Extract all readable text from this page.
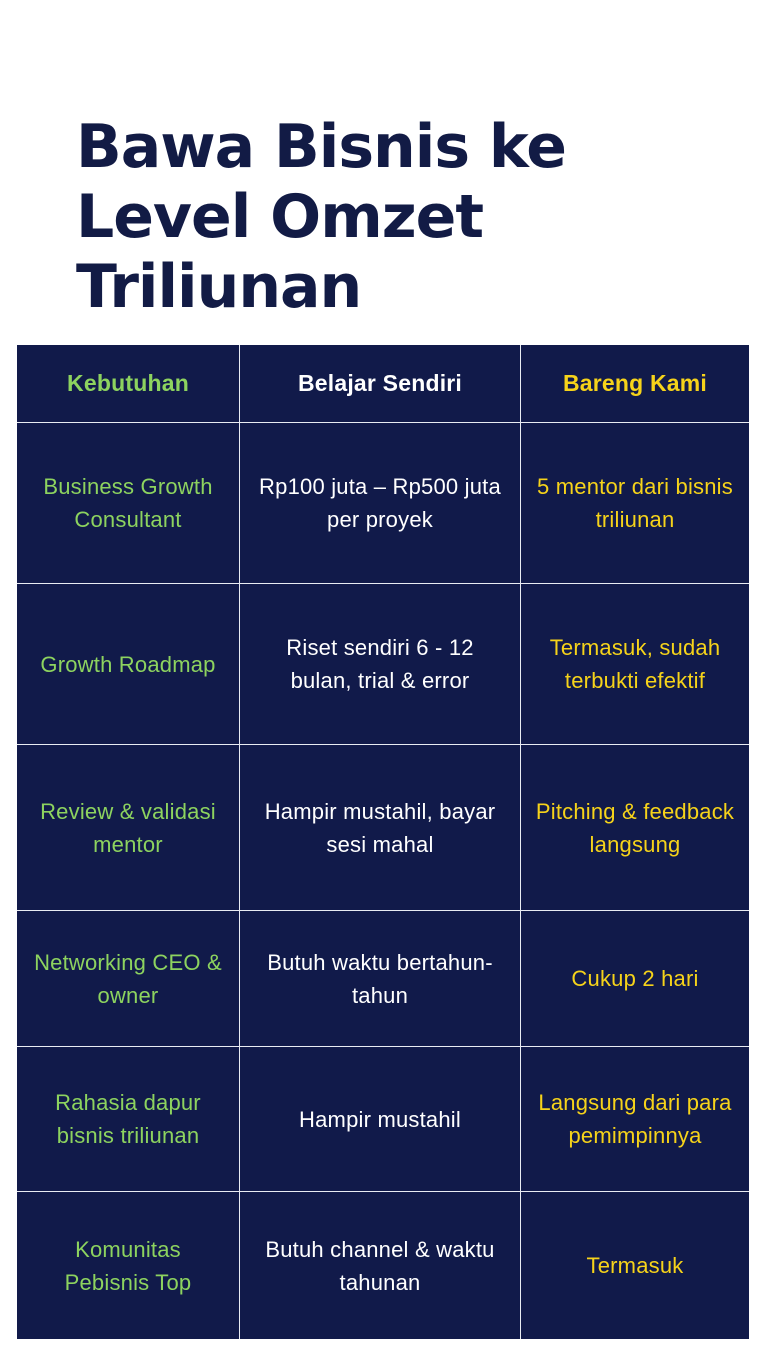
Bawa Bisnis ke
Level Omzet
Triliunan
Kebutuhan	Belajar Sendiri	Bareng Kami
Business Growth Consultant
Rp100 juta – Rp500 juta per proyek
5 mentor dari bisnis triliunan
Growth Roadmap
Riset sendiri 6 - 12 bulan, trial & error
Termasuk, sudah terbukti efektif
Review & validasi mentor
Hampir mustahil, bayar sesi mahal
Pitching & feedback langsung
Networking CEO & owner
Butuh waktu bertahun-tahun
Cukup 2 hari
Rahasia dapur bisnis triliunan
Hampir mustahil
Langsung dari para pemimpinnya
Komunitas Pebisnis Top
Butuh channel & waktu tahunan
Termasuk
